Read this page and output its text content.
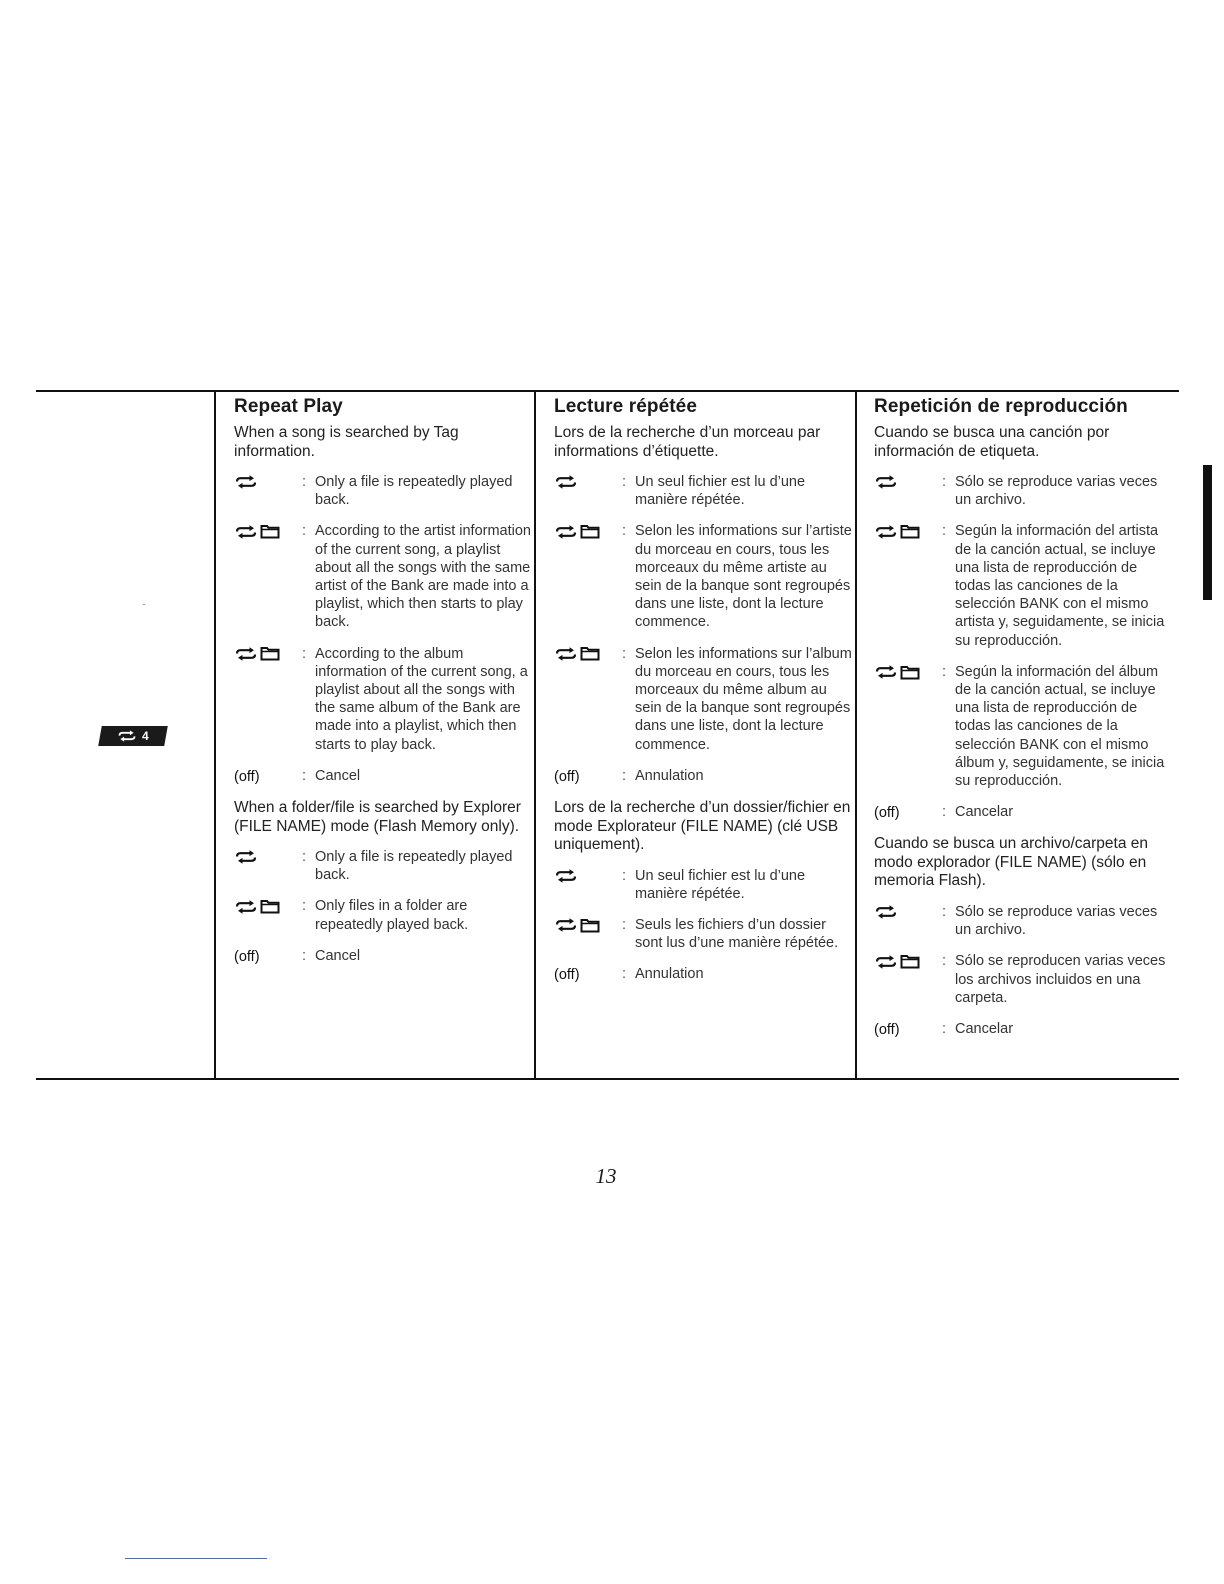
4
Repeat Play
When a song is searched by Tag information.
: Only a file is repeatedly played back.
: According to the artist information of the current song, a playlist about all the songs with the same artist of the Bank are made into a playlist, which then starts to play back.
: According to the album information of the current song, a playlist about all the songs with the same album of the Bank are made into a playlist, which then starts to play back.
(off)	: Cancel
When a folder/file is searched by Explorer (FILE NAME) mode (Flash Memory only).
: Only a file is repeatedly played back.
: Only files in a folder are repeatedly played back.
(off)	: Cancel
Lecture répétée
Lors de la recherche d’un morceau par informations d’étiquette.
: Un seul fichier est lu d’une manière répétée.
: Selon les informations sur l’artiste du morceau en cours, tous les morceaux du même artiste au sein de la banque sont regroupés dans une liste, dont la lecture commence.
: Selon les informations sur l’album du morceau en cours, tous les morceaux du même album au sein de la banque sont regroupés dans une liste, dont la lecture commence.
(off)	: Annulation
Lors de la recherche d’un dossier/fichier en mode Explorateur (FILE NAME) (clé USB uniquement).
: Un seul fichier est lu d’une manière répétée.
: Seuls les fichiers d’un dossier sont lus d’une manière répétée.
(off)	: Annulation
Repetición de reproducción
Cuando se busca una canción por información de etiqueta.
: Sólo se reproduce varias veces un archivo.
: Según la información del artista de la canción actual, se incluye una lista de reproducción de todas las canciones de la selección BANK con el mismo artista y, seguidamente, se inicia su reproducción.
: Según la información del álbum de la canción actual, se incluye una lista de reproducción de todas las canciones de la selección BANK con el mismo álbum y, seguidamente, se inicia su reproducción.
(off)	: Cancelar
Cuando se busca un archivo/carpeta en modo explorador (FILE NAME) (sólo en memoria Flash).
: Sólo se reproduce varias veces un archivo.
: Sólo se reproducen varias veces los archivos incluidos en una carpeta.
(off)	: Cancelar
13
